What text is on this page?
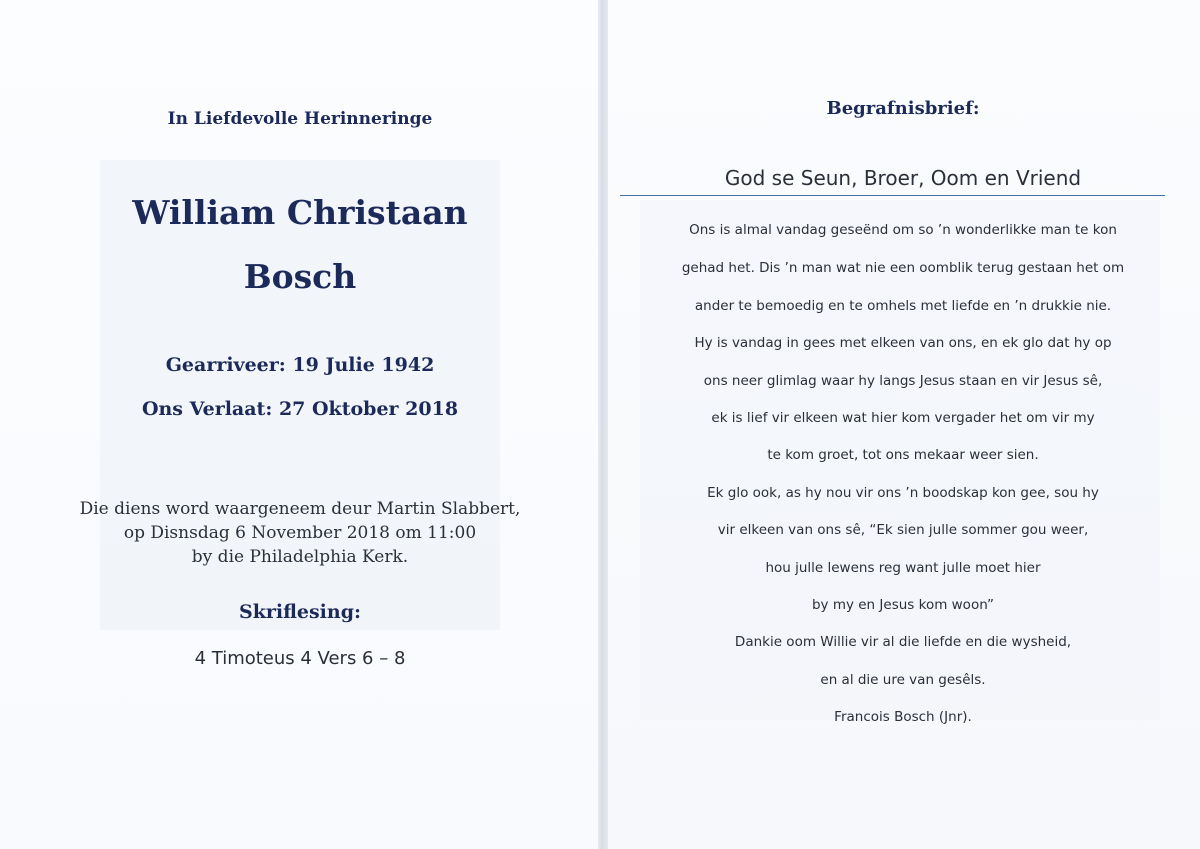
In Liefdevolle Herinneringe
William Christaan
Bosch
Gearriveer: 19 Julie 1942
Ons Verlaat: 27 Oktober 2018
Die diens word waargeneem deur Martin Slabbert,
op Disnsdag 6 November 2018 om 11:00
by die Philadelphia Kerk.
Skriflesing:
4 Timoteus 4 Vers 6 – 8
Begrafnisbrief:
God se Seun, Broer, Oom en Vriend
Ons is almal vandag geseënd om so ’n wonderlikke man te kon
gehad het. Dis ’n man wat nie een oomblik terug gestaan het om
ander te bemoedig en te omhels met liefde en ’n drukkie nie.
Hy is vandag in gees met elkeen van ons, en ek glo dat hy op
ons neer glimlag waar hy langs Jesus staan en vir Jesus sê,
ek is lief vir elkeen wat hier kom vergader het om vir my
te kom groet, tot ons mekaar weer sien.
Ek glo ook, as hy nou vir ons ’n boodskap kon gee, sou hy
vir elkeen van ons sê, “Ek sien julle sommer gou weer,
hou julle lewens reg want julle moet hier
by my en Jesus kom woon”
Dankie oom Willie vir al die liefde en die wysheid,
en al die ure van gesêls.
Francois Bosch (Jnr).
